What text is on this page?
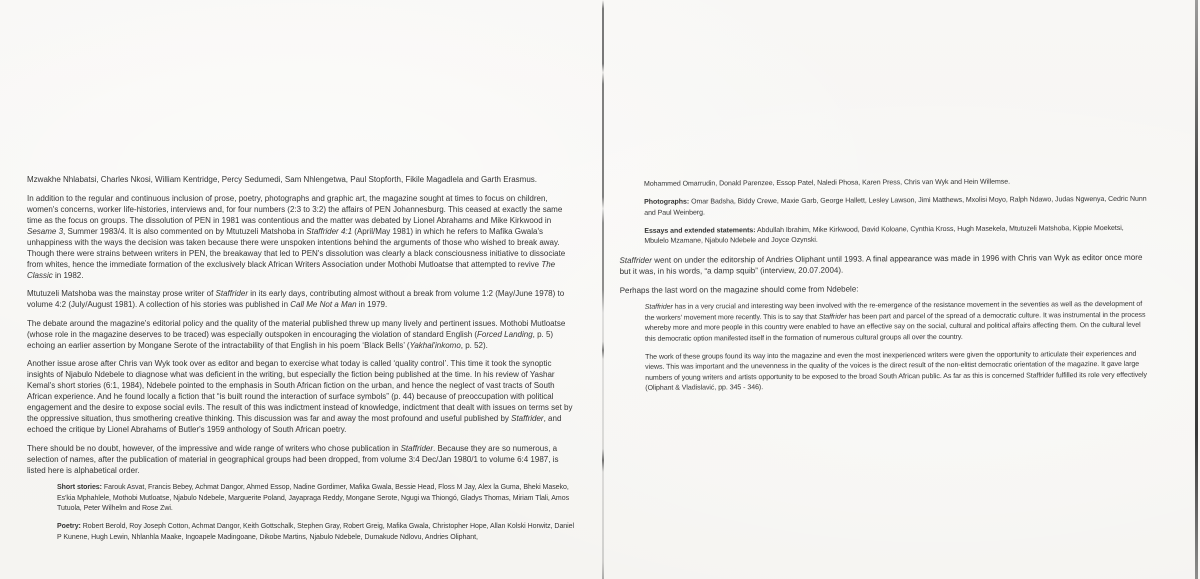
Mzwakhe Nhlabatsi, Charles Nkosi, William Kentridge, Percy Sedumedi, Sam Nhlengetwa, Paul Stopforth, Fikile Magadlela and Garth Erasmus.

In addition to the regular and continuous inclusion of prose, poetry, photographs and graphic art, the magazine sought at times to focus on children, women's concerns, worker life-histories, interviews and, for four numbers (2:3 to 3:2) the affairs of PEN Johannesburg. This ceased at exactly the same time as the focus on groups. The dissolution of PEN in 1981 was contentious and the matter was debated by Lionel Abrahams and Mike Kirkwood in Sesame 3, Summer 1983/4. It is also commented on by Mtutuzeli Matshoba in Staffrider 4:1 (April/May 1981) in which he refers to Mafika Gwala's unhappiness with the ways the decision was taken because there were unspoken intentions behind the arguments of those who wished to break away. Though there were strains between writers in PEN, the breakaway that led to PEN's dissolution was clearly a black consciousness initiative to dissociate from whites, hence the immediate formation of the exclusively black African Writers Association under Mothobi Mutloatse that attempted to revive The Classic in 1982.

Mtutuzeli Matshoba was the mainstay prose writer of Staffrider in its early days, contributing almost without a break from volume 1:2 (May/June 1978) to volume 4:2 (July/August 1981). A collection of his stories was published in Call Me Not a Man in 1979.

The debate around the magazine's editorial policy and the quality of the material published threw up many lively and pertinent issues. Mothobi Mutloatse (whose role in the magazine deserves to be traced) was especially outspoken in encouraging the violation of standard English (Forced Landing, p. 5) echoing an earlier assertion by Mongane Serote of the intractability of that English in his poem ‘Black Bells’ (Yakhal'inkomo, p. 52).

Another issue arose after Chris van Wyk took over as editor and began to exercise what today is called ‘quality control’. This time it took the synoptic insights of Njabulo Ndebele to diagnose what was deficient in the writing, but especially the fiction being published at the time. In his review of Yashar Kemal's short stories (6:1, 1984), Ndebele pointed to the emphasis in South African fiction on the urban, and hence the neglect of vast tracts of South African experience. And he found locally a fiction that “is built round the interaction of surface symbols” (p. 44) because of preoccupation with political engagement and the desire to expose social evils. The result of this was indictment instead of knowledge, indictment that dealt with issues on terms set by the oppressive situation, thus smothering creative thinking. This discussion was far and away the most profound and useful published by Staffrider, and echoed the critique by Lionel Abrahams of Butler's 1959 anthology of South African poetry.

There should be no doubt, however, of the impressive and wide range of writers who chose publication in Staffrider. Because they are so numerous, a selection of names, after the publication of material in geographical groups had been dropped, from volume 3:4 Dec/Jan 1980/1 to volume 6:4 1987, is listed here is alphabetical order.

Short stories: Farouk Asvat, Francis Bebey, Achmat Dangor, Ahmed Essop, Nadine Gordimer, Mafika Gwala, Bessie Head, Floss M Jay, Alex la Guma, Bheki Maseko, Es'kia Mphahlele, Mothobi Mutloatse, Njabulo Ndebele, Marguerite Poland, Jayapraga Reddy, Mongane Serote, Ngugi wa Thiongó, Gladys Thomas, Miriam Tlali, Amos Tutuola, Peter Wilhelm and Rose Zwi.

Poetry: Robert Berold, Roy Joseph Cotton, Achmat Dangor, Keith Gottschalk, Stephen Gray, Robert Greig, Mafika Gwala, Christopher Hope, Allan Kolski Horwitz, Daniel P Kunene, Hugh Lewin, Nhlanhla Maake, Ingoapele Madingoane, Dikobe Martins, Njabulo Ndebele, Dumakude Ndlovu, Andries Oliphant,

Mohammed Omarrudin, Donald Parenzee, Essop Patel, Naledi Phosa, Karen Press, Chris van Wyk and Hein Willemse.

Photographs: Omar Badsha, Biddy Crewe, Maxie Garb, George Hallett, Lesley Lawson, Jimi Matthews, Mxolisi Moyo, Ralph Ndawo, Judas Ngwenya, Cedric Nunn and Paul Weinberg.

Essays and extended statements: Abdullah Ibrahim, Mike Kirkwood, David Koloane, Cynthia Kross, Hugh Masekela, Mtutuzeli Matshoba, Kippie Moeketsi, Mbulelo Mzamane, Njabulo Ndebele and Joyce Ozynski.

Staffrider went on under the editorship of Andries Oliphant until 1993. A final appearance was made in 1996 with Chris van Wyk as editor once more but it was, in his words, “a damp squib” (interview, 20.07.2004).

Perhaps the last word on the magazine should come from Ndebele:

Staffrider has in a very crucial and interesting way been involved with the re-emergence of the resistance movement in the seventies as well as the development of the workers' movement more recently. This is to say that Staffrider has been part and parcel of the spread of a democratic culture. It was instrumental in the process whereby more and more people in this country were enabled to have an effective say on the social, cultural and political affairs affecting them. On the cultural level this democratic option manifested itself in the formation of numerous cultural groups all over the country.

The work of these groups found its way into the magazine and even the most inexperienced writers were given the opportunity to articulate their experiences and views. This was important and the unevenness in the quality of the voices is the direct result of the non-elitist democratic orientation of the magazine. It gave large numbers of young writers and artists opportunity to be exposed to the broad South African public. As far as this is concerned Staffrider fulfilled its role very effectively (Oliphant & Vladislavić, pp. 345 - 346).
